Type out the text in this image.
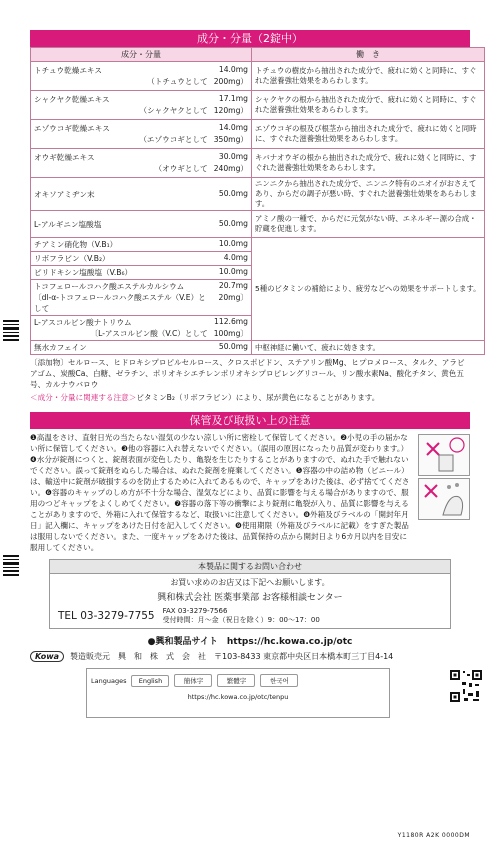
成分・分量（2錠中）
成分・分量	働　き

トチュウ乾燥エキス 14.0mg
（トチュウとして 200mg）	トチュウの樹皮から抽出された成分で、疲れに効くと同時に、すぐれた滋養強壮効果をあらわします。

シャクヤク乾燥エキス 17.1mg
（シャクヤクとして 120mg）	シャクヤクの根から抽出された成分で、疲れに効くと同時に、すぐれた滋養強壮効果をあらわします。

エゾウコギ乾燥エキス 14.0mg
（エゾウコギとして 350mg）	エゾウコギの根及び根茎から抽出された成分で、疲れに効くと同時に、すぐれた滋養強壮効果をあらわします。

オウギ乾燥エキス 30.0mg
（オウギとして 240mg）	キバナオウギの根から抽出された成分で、疲れに効くと同時に、すぐれた滋養強壮効果をあらわします。

オキソアミヂン末 50.0mg	ニンニクから抽出された成分で、ニンニク特有のニオイがおさえてあり、からだの調子が悪い時、すぐれた滋養強壮効果をあらわします。

L-アルギニン塩酸塩 50.0mg	アミノ酸の一種で、からだに元気がない時、エネルギー源の合成・貯蔵を促進します。

チアミン硝化物（V.B₁） 10.0mg	5種のビタミンの補給により、疲労などへの効果をサポートします。

リボフラビン（V.B₂） 4.0mg	

ピリドキシン塩酸塩（V.B₆） 10.0mg	

トコフェロールコハク酸エステルカルシウム 20.7mg
〔dl-α-トコフェロールコハク酸エステル（V.E）として
20mg〕	

L-アスコルビン酸ナトリウム 112.6mg
〔L-アスコルビン酸（V.C）として 100mg〕	

無水カフェイン 50.0mg	中枢神経に働いて、疲れに効きます。
〔添加物〕セルロース、ヒドロキシプロピルセルロース、クロスポビドン、ステアリン酸Mg、ヒプロメロース、タルク、アラビアゴム、炭酸Ca、白糖、ゼラチン、ポリオキシエチレンポリオキシプロピレングリコール、リン酸水素Na、酸化チタン、黄色五号、カルナウバロウ
＜成分・分量に関連する注意＞ビタミンB₂（リボフラビン）により、尿が黄色になることがあります。
保管及び取扱い上の注意

❶高温をさけ、直射日光の当たらない湿気の少ない涼しい所に密栓して保管してください。❷小児の手の届かない所に保管してください。❸他の容器に入れ替えないでください。（誤用の原因になったり品質が変わります。）❹水分が錠剤につくと、錠剤表面が変色したり、亀裂を生じたりすることがありますので、ぬれた手で触れないでください。誤って錠剤をぬらした場合は、ぬれた錠剤を廃棄してください。❺容器の中の詰め物（ビニール）は、輸送中に錠剤が破損するのを防止するために入れてあるもので、キャップをあけた後は、必ず捨ててください。❻容器のキャップのしめ方が不十分な場合、湿気などにより、品質に影響を与える場合がありますので、服用のつどキャップをよくしめてください。❼容器の落下等の衝撃により錠剤に亀裂が入り、品質に影響を与えることがありますので、外箱に入れて保管するなど、取扱いに注意してください。❽外箱及びラベルの「開封年月日」記入欄に、キャップをあけた日付を記入してください。❾使用期限（外箱及びラベルに記載）をすぎた製品は服用しないでください。また、一度キャップをあけた後は、品質保持の点から開封日より6カ月以内を目安に服用してください。

本製品に関するお問い合わせ
お買い求めのお店又は下記へお願いします。
興和株式会社 医薬事業部 お客様相談センター
TEL 03-3279-7755 FAX 03-3279-7566
受付時間：月～金（祝日を除く）9：00～17：00
●興和製品サイト　https://hc.kowa.co.jp/otc
Kowa	製造販売元　興　和　株　式　会　社　〒103-8433 東京都中央区日本橋本町三丁目4-14
Languages	English	簡体字	繁體字	한국어
https://hc.kowa.co.jp/otc/tenpu
Y1180R A2K 0000DM
